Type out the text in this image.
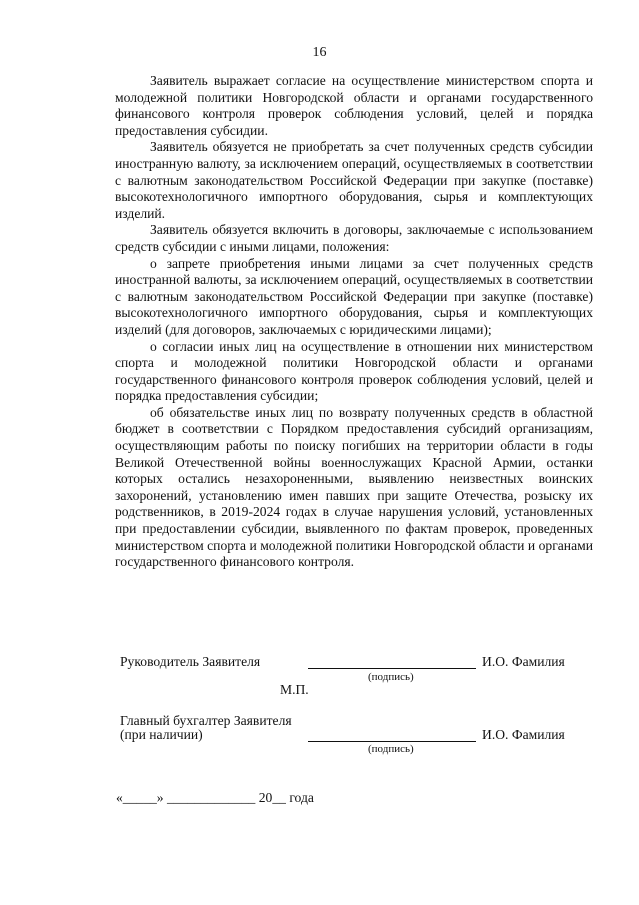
16

Заявитель выражает согласие на осуществление министерством спорта и молодежной политики Новгородской области и органами государственного финансового контроля проверок соблюдения условий, целей и порядка предоставления субсидии.

Заявитель обязуется не приобретать за счет полученных средств субсидии иностранную валюту, за исключением операций, осуществляемых в соответствии с валютным законодательством Российской Федерации при закупке (поставке) высокотехнологичного импортного оборудования, сырья и комплектующих изделий.

Заявитель обязуется включить в договоры, заключаемые с использованием средств субсидии с иными лицами, положения:

о запрете приобретения иными лицами за счет полученных средств иностранной валюты, за исключением операций, осуществляемых в соответствии с валютным законодательством Российской Федерации при закупке (поставке) высокотехнологичного импортного оборудования, сырья и комплектующих изделий (для договоров, заключаемых с юридическими лицами);

о согласии иных лиц на осуществление в отношении них министерством спорта и молодежной политики Новгородской области и органами государственного финансового контроля проверок соблюдения условий, целей и порядка предоставления субсидии;

об обязательстве иных лиц по возврату полученных средств в областной бюджет в соответствии с Порядком предоставления субсидий организациям, осуществляющим работы по поиску погибших на территории области в годы Великой Отечественной войны военнослужащих Красной Армии, останки которых остались незахороненными, выявлению неизвестных воинских захоронений, установлению имен павших при защите Отечества, розыску их родственников, в 2019-2024 годах в случае нарушения условий, установленных при предоставлении субсидии, выявленного по фактам проверок, проведенных министерством спорта и молодежной политики Новгородской области и органами государственного финансового контроля.

Руководитель Заявителя	И.О. Фамилия
(подпись)
М.П.
Главный бухгалтер Заявителя
(при наличии)	И.О. Фамилия
(подпись)
«_____» _____________ 20__ года
